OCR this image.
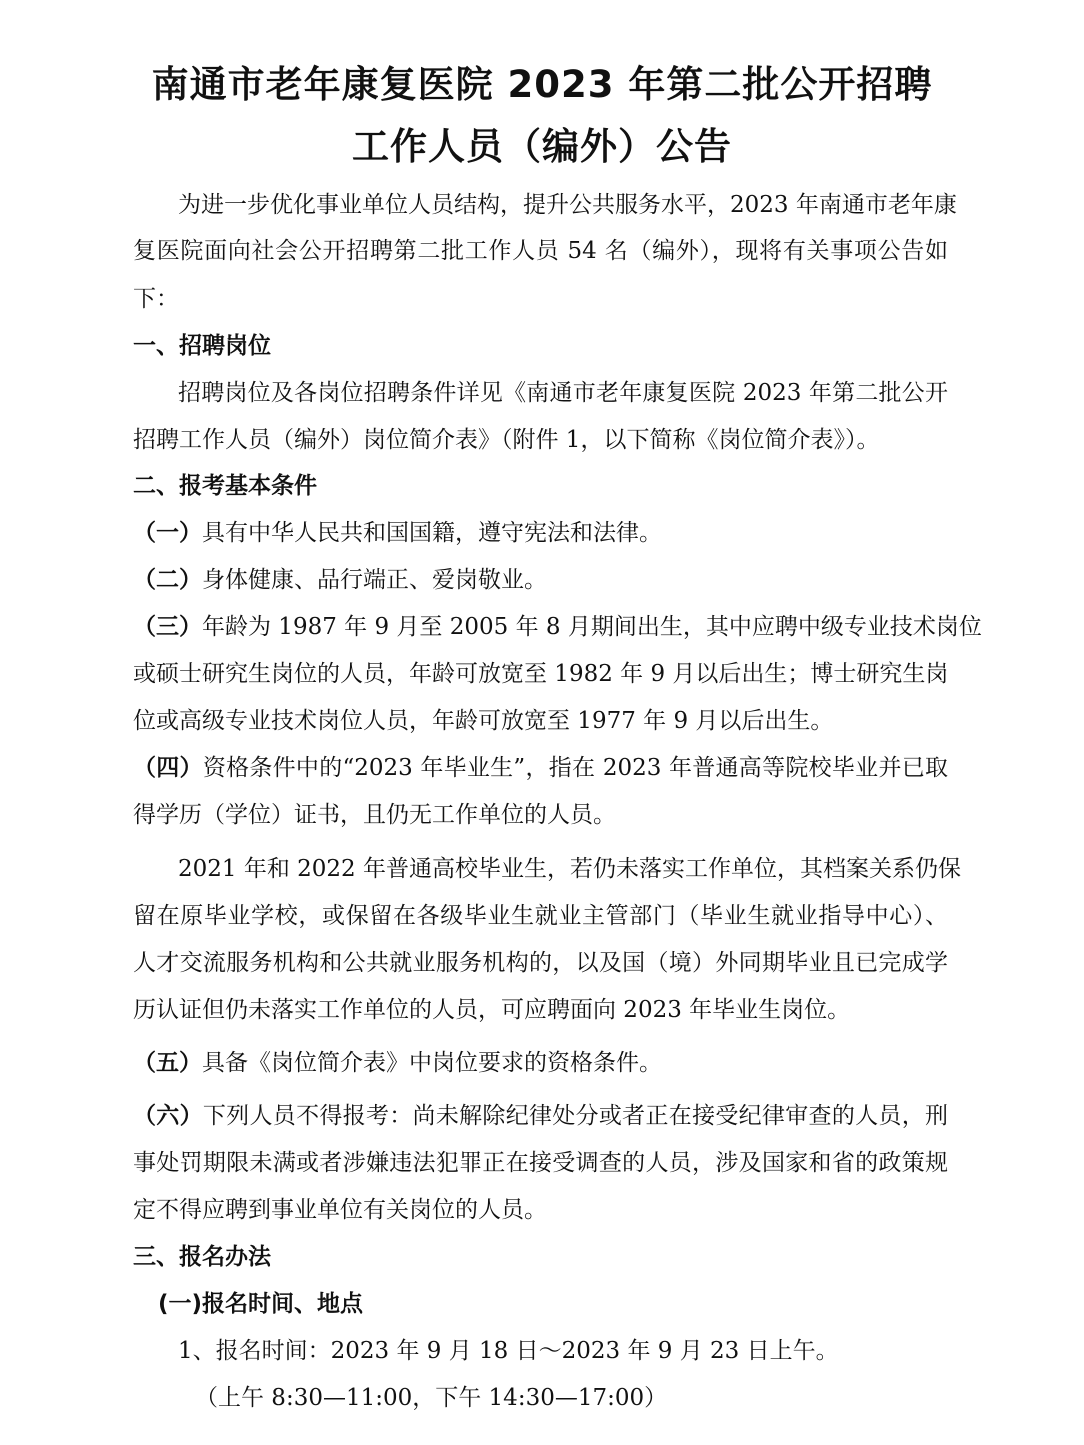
南通市老年康复医院 2023 年第二批公开招聘
工作人员（编外）公告
为进一步优化事业单位人员结构，提升公共服务水平，2023 年南通市老年康
复医院面向社会公开招聘第二批工作人员 54 名（编外），现将有关事项公告如
下：
一、招聘岗位
招聘岗位及各岗位招聘条件详见《南通市老年康复医院 2023 年第二批公开
招聘工作人员（编外）岗位简介表》（附件 1，以下简称《岗位简介表》）。
二、报考基本条件
（一）具有中华人民共和国国籍，遵守宪法和法律。
（二）身体健康、品行端正、爱岗敬业。
（三）年龄为 1987 年 9 月至 2005 年 8 月期间出生，其中应聘中级专业技术岗位
或硕士研究生岗位的人员，年龄可放宽至 1982 年 9 月以后出生；博士研究生岗
位或高级专业技术岗位人员，年龄可放宽至 1977 年 9 月以后出生。
（四）资格条件中的“2023 年毕业生”，指在 2023 年普通高等院校毕业并已取
得学历（学位）证书，且仍无工作单位的人员。
2021 年和 2022 年普通高校毕业生，若仍未落实工作单位，其档案关系仍保
留在原毕业学校，或保留在各级毕业生就业主管部门（毕业生就业指导中心）、
人才交流服务机构和公共就业服务机构的，以及国（境）外同期毕业且已完成学
历认证但仍未落实工作单位的人员，可应聘面向 2023 年毕业生岗位。
（五）具备《岗位简介表》中岗位要求的资格条件。
（六）下列人员不得报考：尚未解除纪律处分或者正在接受纪律审查的人员，刑
事处罚期限未满或者涉嫌违法犯罪正在接受调查的人员，涉及国家和省的政策规
定不得应聘到事业单位有关岗位的人员。
三、报名办法
(一)报名时间、地点
1、报名时间：2023 年 9 月 18 日～2023 年 9 月 23 日上午。
（上午 8:30—11:00，下午 14:30—17:00）
